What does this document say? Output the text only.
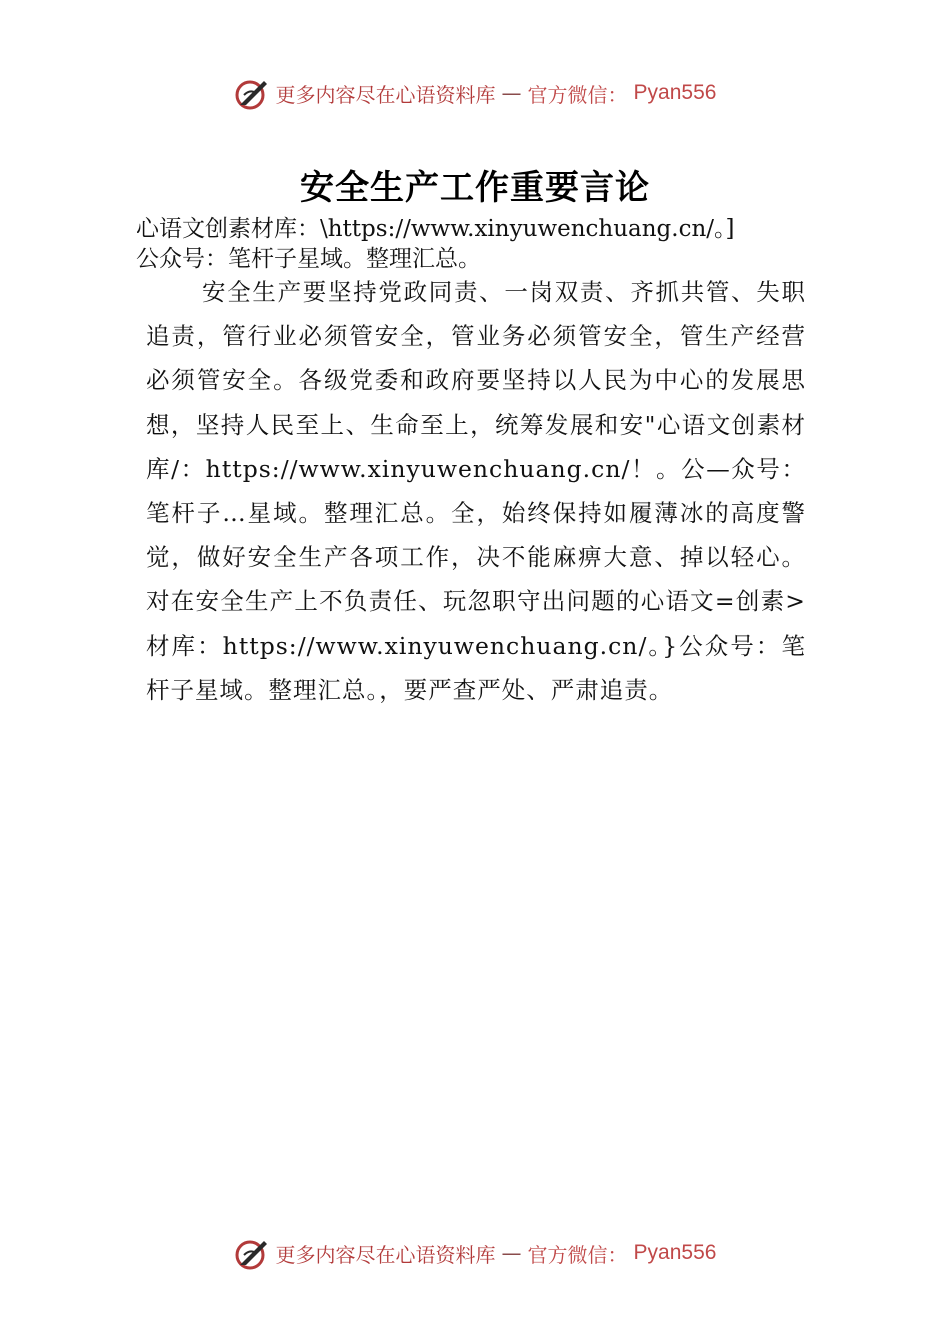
更多内容尽在心语资料库 — 官方微信： Pyan556
安全生产工作重要言论
心语文创素材库：\https://www.xinyuwenchuang.cn/。]
公众号：笔杆子星域。整理汇总。
安全生产要坚持党政同责、一岗双责、齐抓共管、失职追责，管行业必须管安全，管业务必须管安全，管生产经营必须管安全。各级党委和政府要坚持以人民为中心的发展思想，坚持人民至上、生命至上，统筹发展和安"心语文创素材库/：https://www.xinyuwenchuang.cn/！。公—众号：笔杆子…星域。整理汇总。全，始终保持如履薄冰的高度警觉，做好安全生产各项工作，决不能麻痹大意、掉以轻心。对在安全生产上不负责任、玩忽职守出问题的心语文=创素>材库：https://www.xinyuwenchuang.cn/。}公众号：笔杆子星域。整理汇总。，要严查严处、严肃追责。
更多内容尽在心语资料库 — 官方微信： Pyan556
